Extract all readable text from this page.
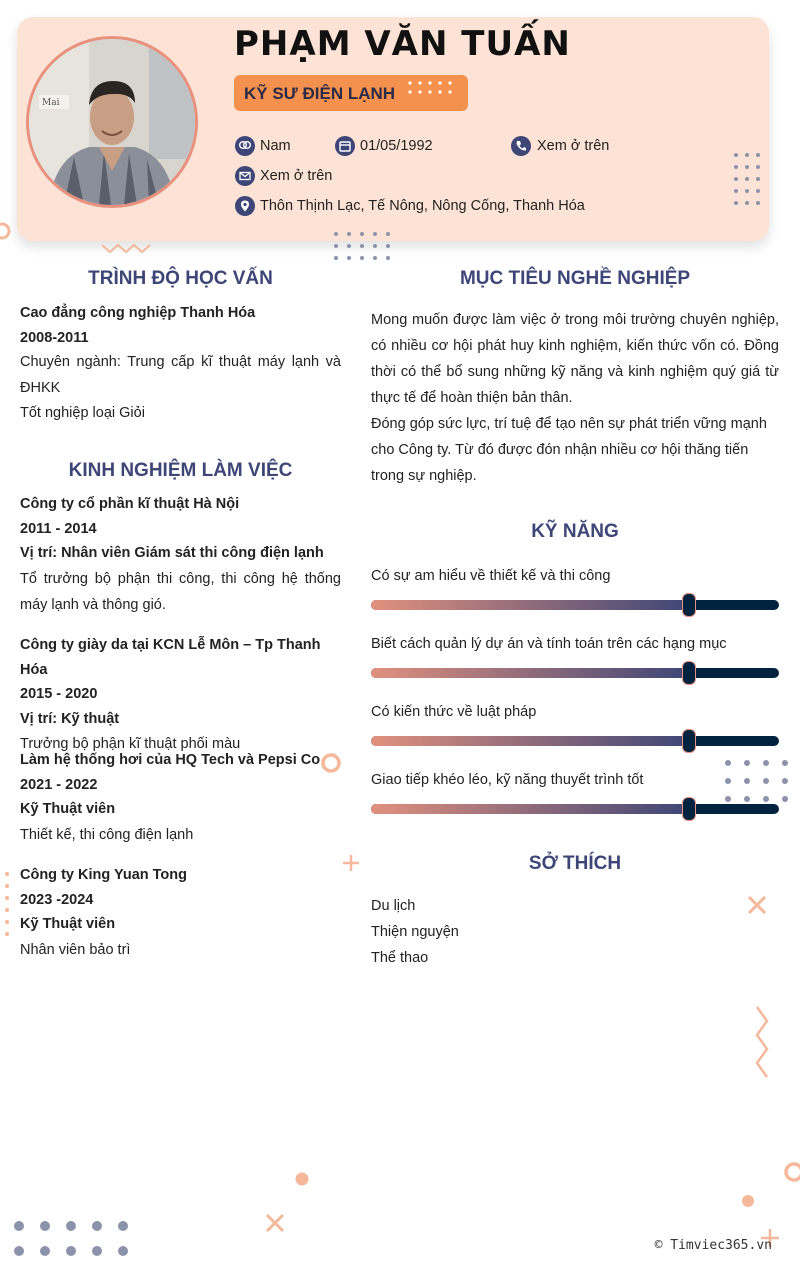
Mai
PHẠM VĂN TUẤN
KỸ SƯ ĐIỆN LẠNH
Nam	01/05/1992	Xem ở trên
Xem ở trên
Thôn Thịnh Lạc, Tế Nông, Nông Cống, Thanh Hóa
TRÌNH ĐỘ HỌC VẤN
Cao đẳng công nghiệp Thanh Hóa
2008-2011
Chuyên ngành: Trung cấp kĩ thuật máy lạnh và ĐHKK
Tốt nghiệp loại Giỏi
KINH NGHIỆM LÀM VIỆC
Công ty cổ phần kĩ thuật Hà Nội
2011 - 2014
Vị trí: Nhân viên Giám sát thi công điện lạnh
Tổ trưởng bộ phận thi công, thi công hệ thống máy lạnh và thông gió.
Công ty giày da tại KCN Lễ Môn – Tp Thanh Hóa
2015 - 2020
Vị trí: Kỹ thuật
Trưởng bộ phận kĩ thuật phối màu
Làm hệ thống hơi của HQ Tech và Pepsi Co
2021 - 2022
Kỹ Thuật viên
Thiết kế, thi công điện lạnh
Công ty King Yuan Tong
2023 -2024
Kỹ Thuật viên
Nhân viên bảo trì
MỤC TIÊU NGHỀ NGHIỆP
Mong muốn được làm việc ở trong môi trường chuyên nghiệp, có nhiều cơ hội phát huy kinh nghiệm, kiến thức vốn có. Đồng thời có thể bổ sung những kỹ năng và kinh nghiệm quý giá từ thực tế để hoàn thiện bản thân.
Đóng góp sức lực, trí tuệ để tạo nên sự phát triển vững mạnh cho Công ty. Từ đó được đón nhận nhiều cơ hội thăng tiến trong sự nghiệp.
KỸ NĂNG
Có sự am hiểu về thiết kế và thi công
Biết cách quản lý dự án và tính toán trên các hạng mục
Có kiến thức về luật pháp
Giao tiếp khéo léo, kỹ năng thuyết trình tốt
SỞ THÍCH
Du lịch
Thiện nguyện
Thể thao
© Timviec365.vn
